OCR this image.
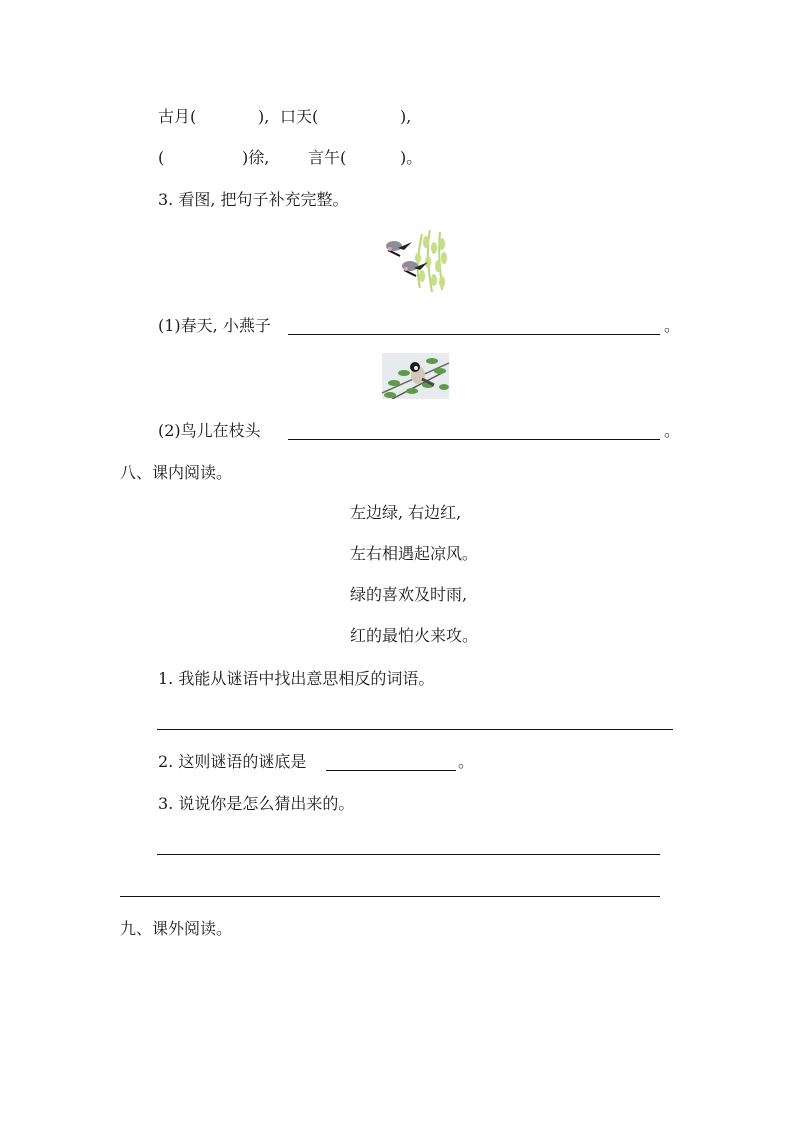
古月(	), 口天(	),
(	)徐, 言午(	)。
3. 看图, 把句子补充完整。
(1)春天, 小燕子	。
(2)鸟儿在枝头	。
八、课内阅读。
左边绿, 右边红,
左右相遇起凉风。
绿的喜欢及时雨,
红的最怕火来攻。
1. 我能从谜语中找出意思相反的词语。
2. 这则谜语的谜底是	。
3. 说说你是怎么猜出来的。
九、课外阅读。
